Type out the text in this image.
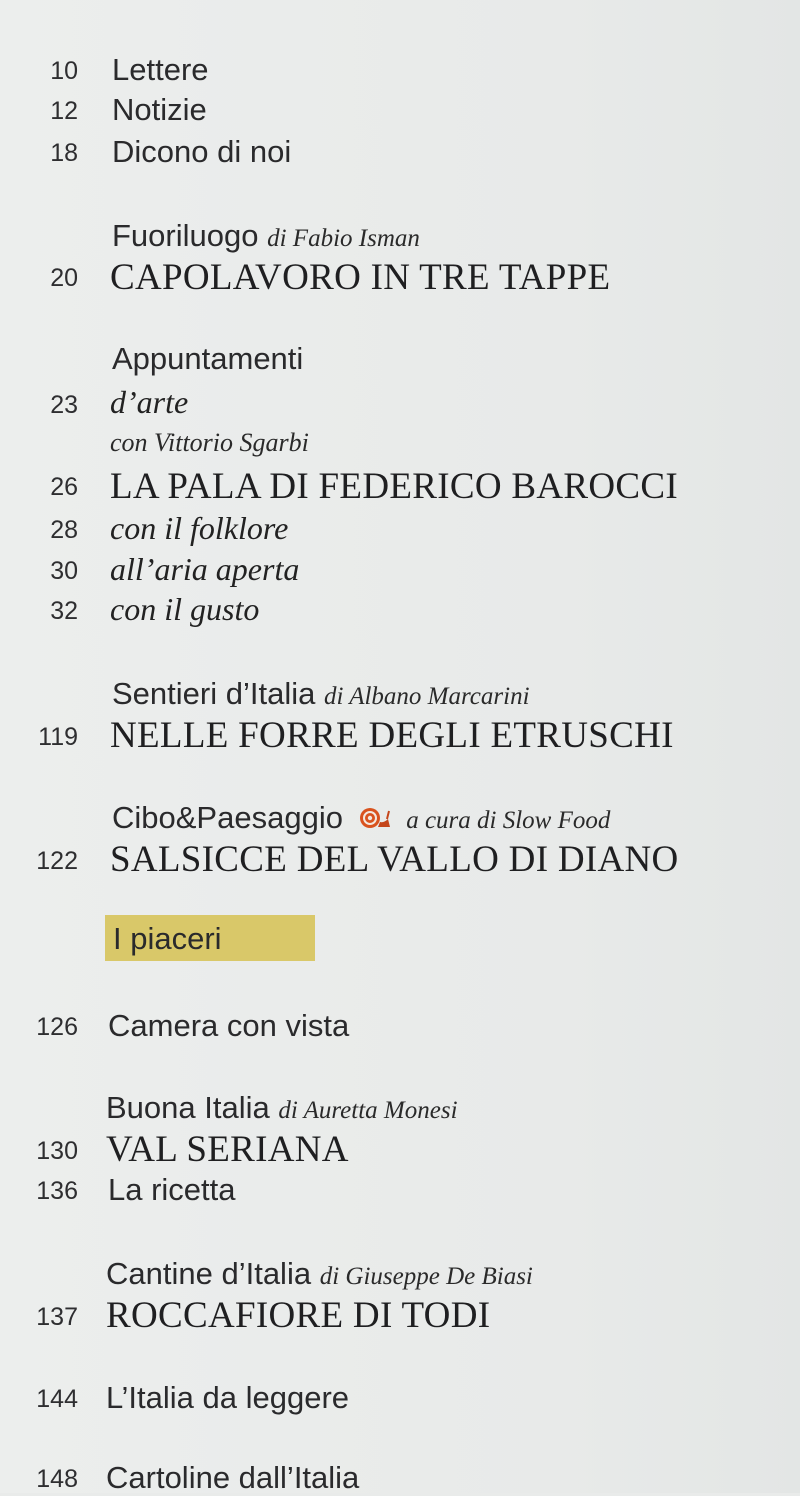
10 Lettere
12 Notizie
18 Dicono di noi
Fuoriluogo di Fabio Isman
20 CAPOLAVORO IN TRE TAPPE
Appuntamenti
23 d’arte
con Vittorio Sgarbi
26 LA PALA DI FEDERICO BAROCCI
28 con il folklore
30 all’aria aperta
32 con il gusto
Sentieri d’Italia di Albano Marcarini
119 NELLE FORRE DEGLI ETRUSCHI
Cibo&Paesaggio	a cura di Slow Food
122 SALSICCE DEL VALLO DI DIANO
I piaceri
126 Camera con vista
Buona Italia di Auretta Monesi
130 VAL SERIANA
136 La ricetta
Cantine d’Italia di Giuseppe De Biasi
137 ROCCAFIORE DI TODI
144 L’Italia da leggere
148 Cartoline dall’Italia
